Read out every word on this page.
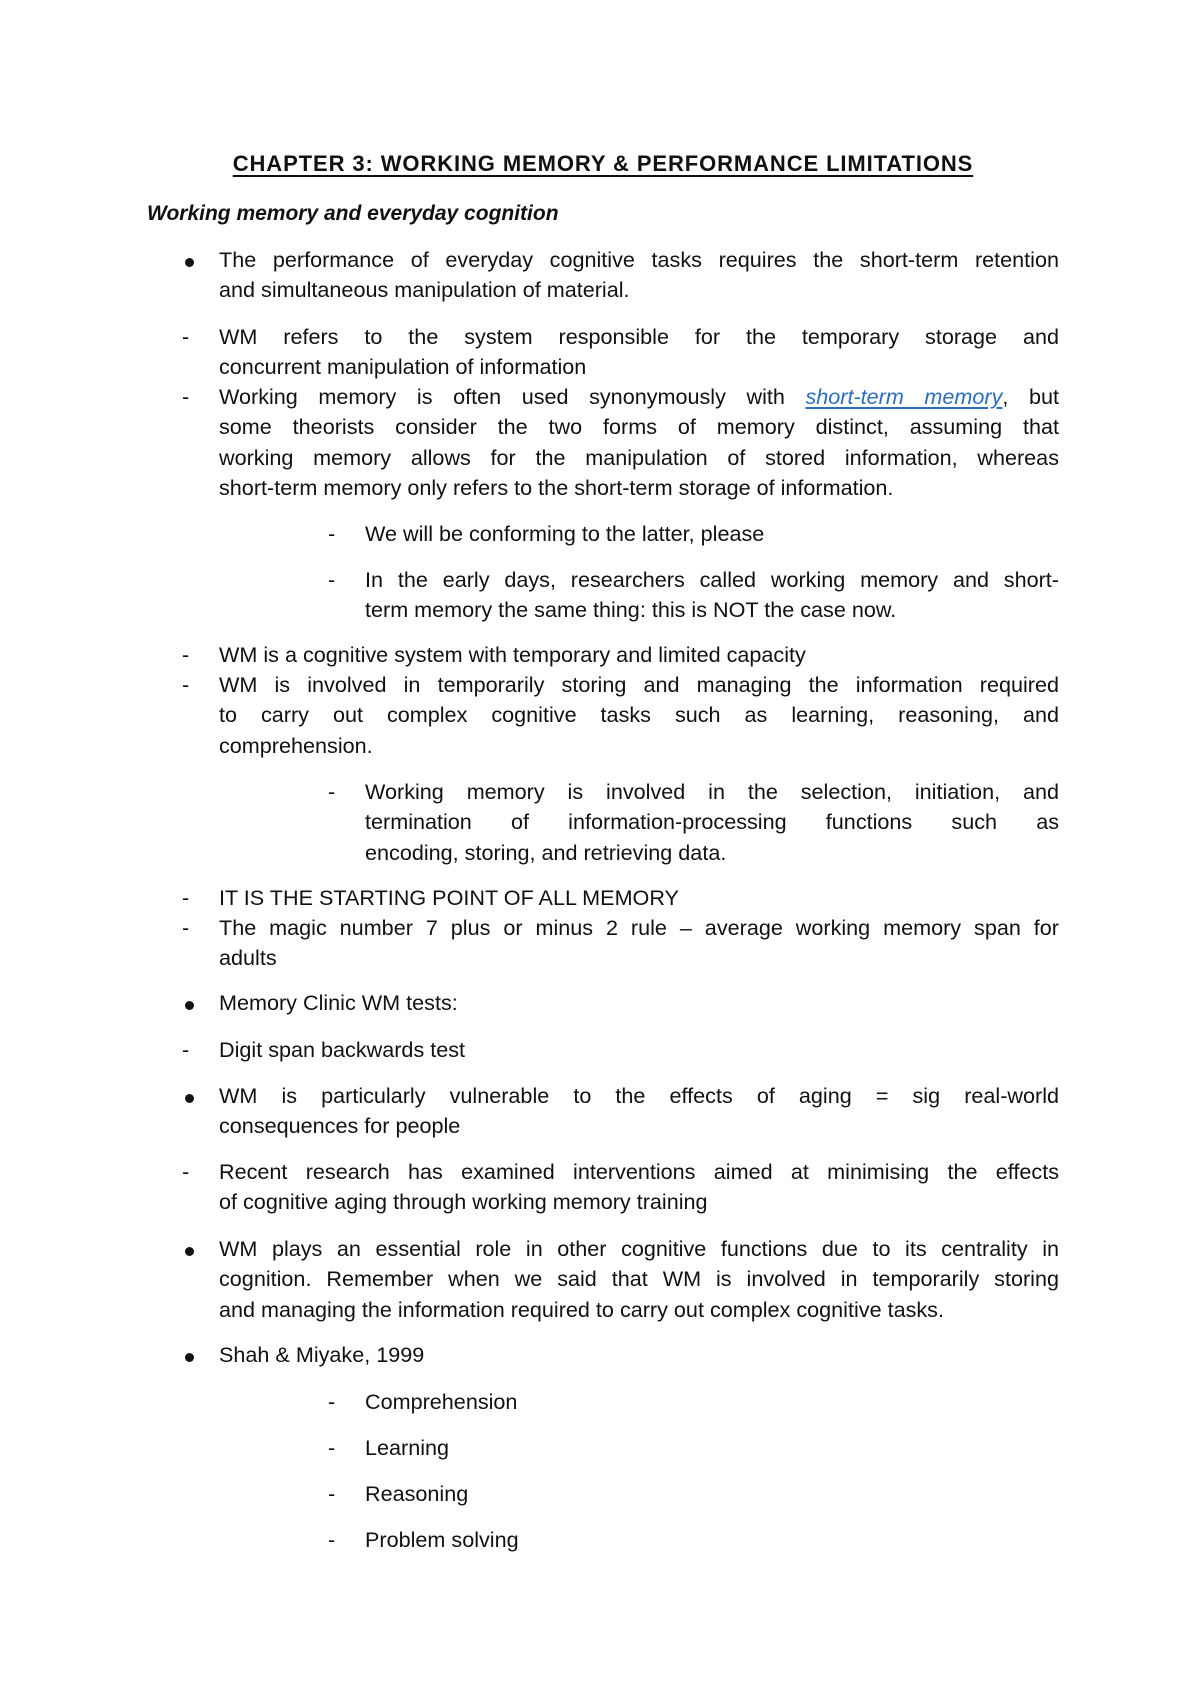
CHAPTER 3: WORKING MEMORY & PERFORMANCE LIMITATIONS
Working memory and everyday cognition
The performance of everyday cognitive tasks requires the short-term retention
and simultaneous manipulation of material.
- WM refers to the system responsible for the temporary storage and
concurrent manipulation of information
- Working memory is often used synonymously with short-term memory, but
some theorists consider the two forms of memory distinct, assuming that
working memory allows for the manipulation of stored information, whereas
short-term memory only refers to the short-term storage of information.
- We will be conforming to the latter, please
- In the early days, researchers called working memory and short-
term memory the same thing: this is NOT the case now.
- WM is a cognitive system with temporary and limited capacity
- WM is involved in temporarily storing and managing the information required
to carry out complex cognitive tasks such as learning, reasoning, and
comprehension.
- Working memory is involved in the selection, initiation, and
termination of information-processing functions such as
encoding, storing, and retrieving data.
- IT IS THE STARTING POINT OF ALL MEMORY
- The magic number 7 plus or minus 2 rule – average working memory span for
adults
Memory Clinic WM tests:
- Digit span backwards test
WM is particularly vulnerable to the effects of aging = sig real-world
consequences for people
- Recent research has examined interventions aimed at minimising the effects
of cognitive aging through working memory training
WM plays an essential role in other cognitive functions due to its centrality in
cognition. Remember when we said that WM is involved in temporarily storing
and managing the information required to carry out complex cognitive tasks.
Shah & Miyake, 1999
- Comprehension
- Learning
- Reasoning
- Problem solving
